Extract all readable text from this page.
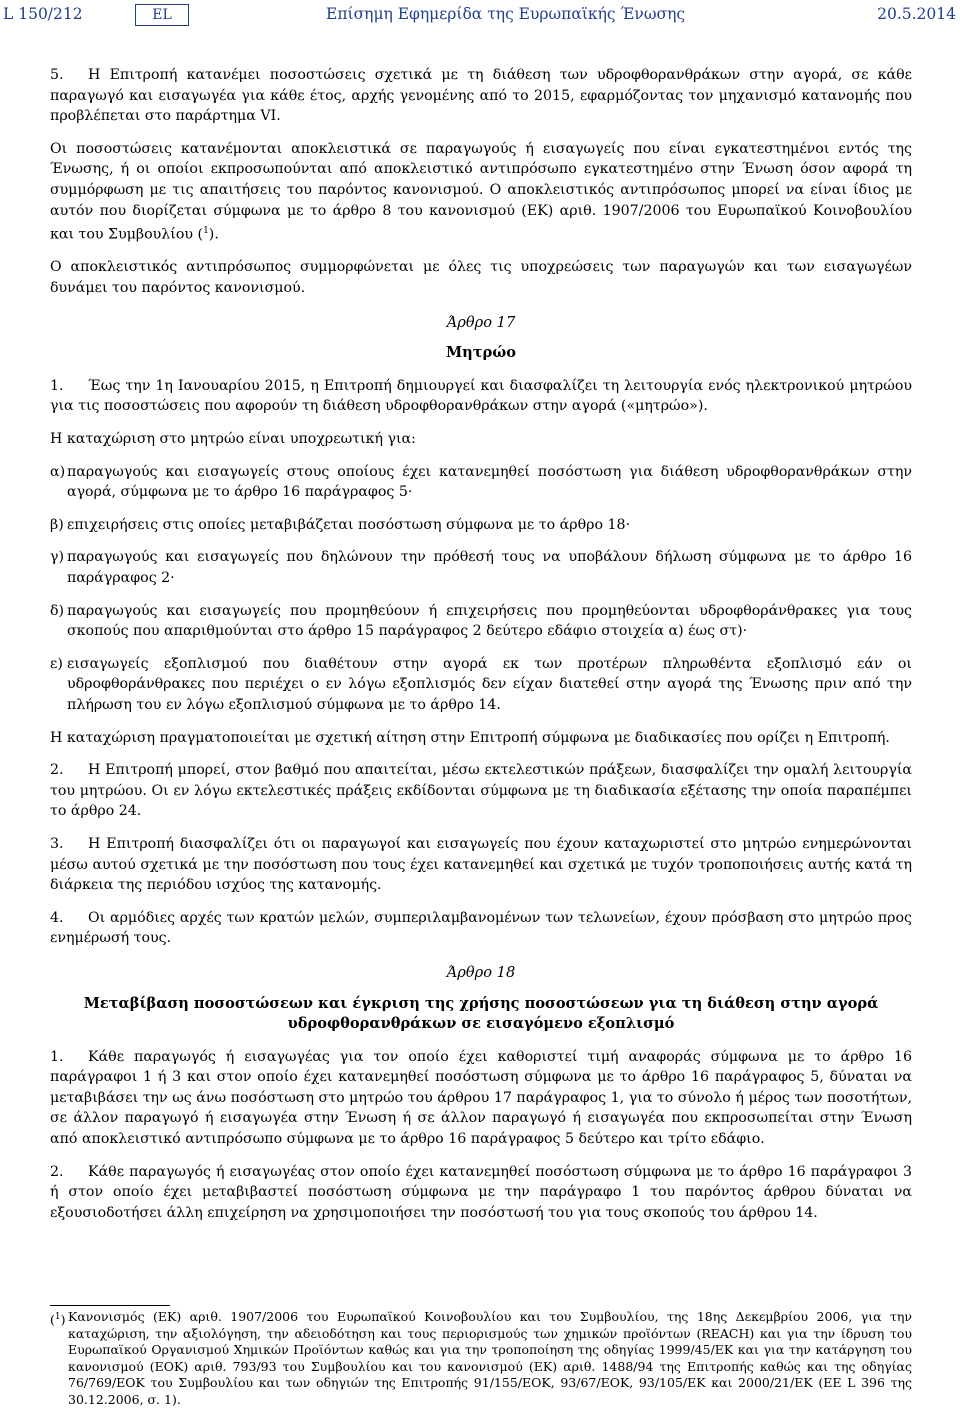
L 150/212	EL	Επίσημη Εφημερίδα της Ευρωπαϊκής Ένωσης	20.5.2014

5. Η Επιτροπή κατανέμει ποσοστώσεις σχετικά με τη διάθεση των υδροφθορανθράκων στην αγορά, σε κάθε παραγωγό και εισαγωγέα για κάθε έτος, αρχής γενομένης από το 2015, εφαρμόζοντας τον μηχανισμό κατανομής που προβλέπεται στο παράρτημα VI.

Οι ποσοστώσεις κατανέμονται αποκλειστικά σε παραγωγούς ή εισαγωγείς που είναι εγκατεστημένοι εντός της Ένωσης, ή οι οποίοι εκπροσωπούνται από αποκλειστικό αντιπρόσωπο εγκατεστημένο στην Ένωση όσον αφορά τη συμμόρφωση με τις απαιτήσεις του παρόντος κανονισμού. Ο αποκλειστικός αντιπρόσωπος μπορεί να είναι ίδιος με αυτόν που διορίζεται σύμφωνα με το άρθρο 8 του κανονισμού (ΕΚ) αριθ. 1907/2006 του Ευρωπαϊκού Κοινοβουλίου και του Συμβουλίου ($^1$).

Ο αποκλειστικός αντιπρόσωπος συμμορφώνεται με όλες τις υποχρεώσεις των παραγωγών και των εισαγωγέων δυνάμει του παρόντος κανονισμού.

Άρθρο 17
Μητρώο

1. Έως την 1η Ιανουαρίου 2015, η Επιτροπή δημιουργεί και διασφαλίζει τη λειτουργία ενός ηλεκτρονικού μητρώου για τις ποσοστώσεις που αφορούν τη διάθεση υδροφθορανθράκων στην αγορά («μητρώο»).

Η καταχώριση στο μητρώο είναι υποχρεωτική για:

α) παραγωγούς και εισαγωγείς στους οποίους έχει κατανεμηθεί ποσόστωση για διάθεση υδροφθορανθράκων στην αγορά, σύμφωνα με το άρθρο 16 παράγραφος 5·
β) επιχειρήσεις στις οποίες μεταβιβάζεται ποσόστωση σύμφωνα με το άρθρο 18·
γ) παραγωγούς και εισαγωγείς που δηλώνουν την πρόθεσή τους να υποβάλουν δήλωση σύμφωνα με το άρθρο 16 παράγραφος 2·
δ) παραγωγούς και εισαγωγείς που προμηθεύουν ή επιχειρήσεις που προμηθεύονται υδροφθοράνθρακες για τους σκοπούς που απαριθμούνται στο άρθρο 15 παράγραφος 2 δεύτερο εδάφιο στοιχεία α) έως στ)·
ε) εισαγωγείς εξοπλισμού που διαθέτουν στην αγορά εκ των προτέρων πληρωθέντα εξοπλισμό εάν οι υδροφθοράνθρακες που περιέχει ο εν λόγω εξοπλισμός δεν είχαν διατεθεί στην αγορά της Ένωσης πριν από την πλήρωση του εν λόγω εξοπλισμού σύμφωνα με το άρθρο 14.

Η καταχώριση πραγματοποιείται με σχετική αίτηση στην Επιτροπή σύμφωνα με διαδικασίες που ορίζει η Επιτροπή.

2. Η Επιτροπή μπορεί, στον βαθμό που απαιτείται, μέσω εκτελεστικών πράξεων, διασφαλίζει την ομαλή λειτουργία του μητρώου. Οι εν λόγω εκτελεστικές πράξεις εκδίδονται σύμφωνα με τη διαδικασία εξέτασης την οποία παραπέμπει το άρθρο 24.

3. Η Επιτροπή διασφαλίζει ότι οι παραγωγοί και εισαγωγείς που έχουν καταχωριστεί στο μητρώο ενημερώνονται μέσω αυτού σχετικά με την ποσόστωση που τους έχει κατανεμηθεί και σχετικά με τυχόν τροποποιήσεις αυτής κατά τη διάρκεια της περιόδου ισχύος της κατανομής.

4. Οι αρμόδιες αρχές των κρατών μελών, συμπεριλαμβανομένων των τελωνείων, έχουν πρόσβαση στο μητρώο προς ενημέρωσή τους.

Άρθρο 18
Μεταβίβαση ποσοστώσεων και έγκριση της χρήσης ποσοστώσεων για τη διάθεση στην αγορά υδροφθορανθράκων σε εισαγόμενο εξοπλισμό

1. Κάθε παραγωγός ή εισαγωγέας για τον οποίο έχει καθοριστεί τιμή αναφοράς σύμφωνα με το άρθρο 16 παράγραφοι 1 ή 3 και στον οποίο έχει κατανεμηθεί ποσόστωση σύμφωνα με το άρθρο 16 παράγραφος 5, δύναται να μεταβιβάσει την ως άνω ποσόστωση στο μητρώο του άρθρου 17 παράγραφος 1, για το σύνολο ή μέρος των ποσοτήτων, σε άλλον παραγωγό ή εισαγωγέα στην Ένωση ή σε άλλον παραγωγό ή εισαγωγέα που εκπροσωπείται στην Ένωση από αποκλειστικό αντιπρόσωπο σύμφωνα με το άρθρο 16 παράγραφος 5 δεύτερο και τρίτο εδάφιο.

2. Κάθε παραγωγός ή εισαγωγέας στον οποίο έχει κατανεμηθεί ποσόστωση σύμφωνα με το άρθρο 16 παράγραφοι 3 ή στον οποίο έχει μεταβιβαστεί ποσόστωση σύμφωνα με την παράγραφο 1 του παρόντος άρθρου δύναται να εξουσιοδοτήσει άλλη επιχείρηση να χρησιμοποιήσει την ποσόστωσή του για τους σκοπούς του άρθρου 14.

($^1$) Κανονισμός (ΕΚ) αριθ. 1907/2006 του Ευρωπαϊκού Κοινοβουλίου και του Συμβουλίου, της 18ης Δεκεμβρίου 2006, για την καταχώριση, την αξιολόγηση, την αδειοδότηση και τους περιορισμούς των χημικών προϊόντων (REACH) και για την ίδρυση του Ευρωπαϊκού Οργανισμού Χημικών Προϊόντων καθώς και για την τροποποίηση της οδηγίας 1999/45/ΕΚ και για την κατάργηση του κανονισμού (ΕΟΚ) αριθ. 793/93 του Συμβουλίου και του κανονισμού (ΕΚ) αριθ. 1488/94 της Επιτροπής καθώς και της οδηγίας 76/769/ΕΟΚ του Συμβουλίου και των οδηγιών της Επιτροπής 91/155/ΕΟΚ, 93/67/ΕΟΚ, 93/105/ΕΚ και 2000/21/ΕΚ (ΕΕ L 396 της 30.12.2006, σ. 1).
